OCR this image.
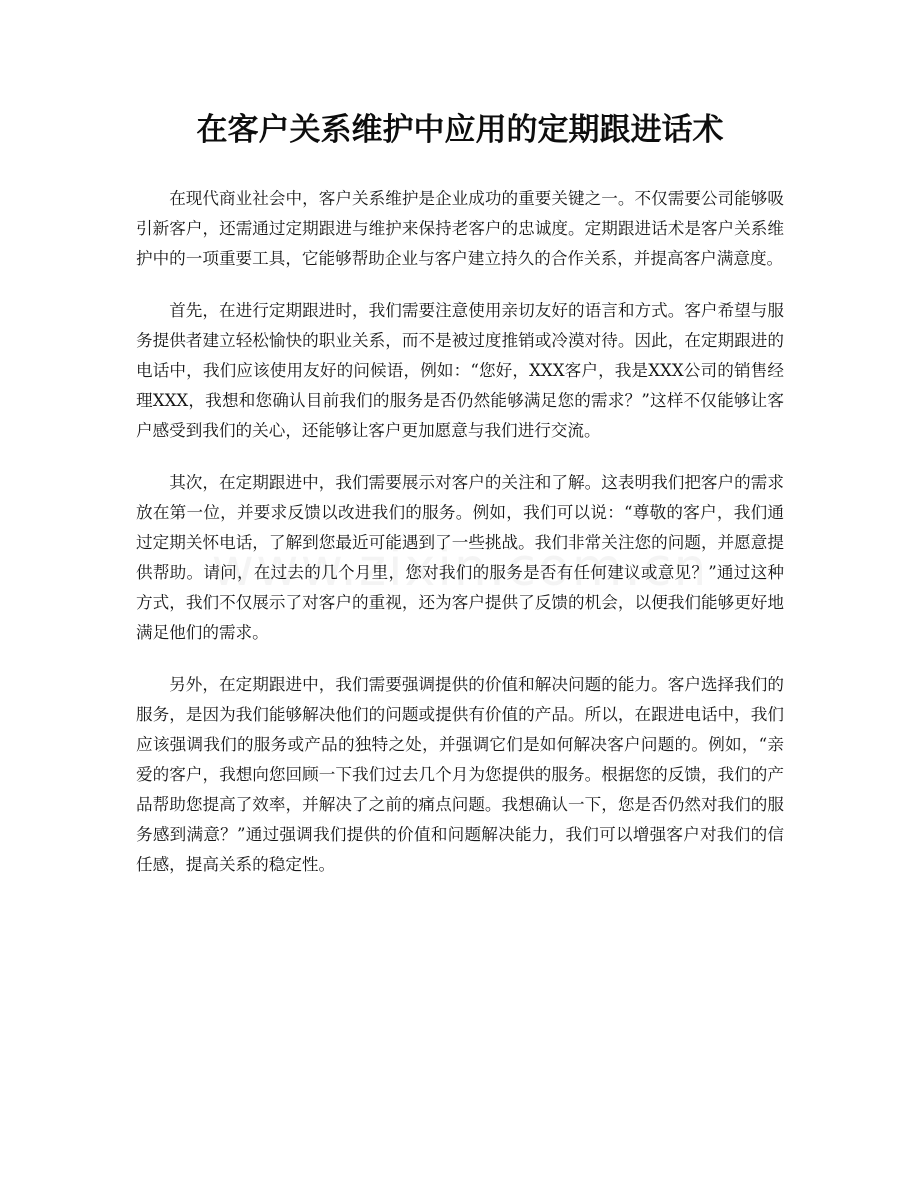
在客户关系维护中应用的定期跟进话术

在现代商业社会中，客户关系维护是企业成功的重要关键之一。不仅需要公司能够吸引新客户，还需通过定期跟进与维护来保持老客户的忠诚度。定期跟进话术是客户关系维护中的一项重要工具，它能够帮助企业与客户建立持久的合作关系，并提高客户满意度。

首先，在进行定期跟进时，我们需要注意使用亲切友好的语言和方式。客户希望与服务提供者建立轻松愉快的职业关系，而不是被过度推销或冷漠对待。因此，在定期跟进的电话中，我们应该使用友好的问候语，例如：“您好，XXX客户，我是XXX公司的销售经理XXX，我想和您确认目前我们的服务是否仍然能够满足您的需求？”这样不仅能够让客户感受到我们的关心，还能够让客户更加愿意与我们进行交流。

其次，在定期跟进中，我们需要展示对客户的关注和了解。这表明我们把客户的需求放在第一位，并要求反馈以改进我们的服务。例如，我们可以说：“尊敬的客户，我们通过定期关怀电话，了解到您最近可能遇到了一些挑战。我们非常关注您的问题，并愿意提供帮助。请问，在过去的几个月里，您对我们的服务是否有任何建议或意见？”通过这种方式，我们不仅展示了对客户的重视，还为客户提供了反馈的机会，以便我们能够更好地满足他们的需求。

另外，在定期跟进中，我们需要强调提供的价值和解决问题的能力。客户选择我们的服务，是因为我们能够解决他们的问题或提供有价值的产品。所以，在跟进电话中，我们应该强调我们的服务或产品的独特之处，并强调它们是如何解决客户问题的。例如，“亲爱的客户，我想向您回顾一下我们过去几个月为您提供的服务。根据您的反馈，我们的产品帮助您提高了效率，并解决了之前的痛点问题。我想确认一下，您是否仍然对我们的服务感到满意？”通过强调我们提供的价值和问题解决能力，我们可以增强客户对我们的信任感，提高关系的稳定性。
